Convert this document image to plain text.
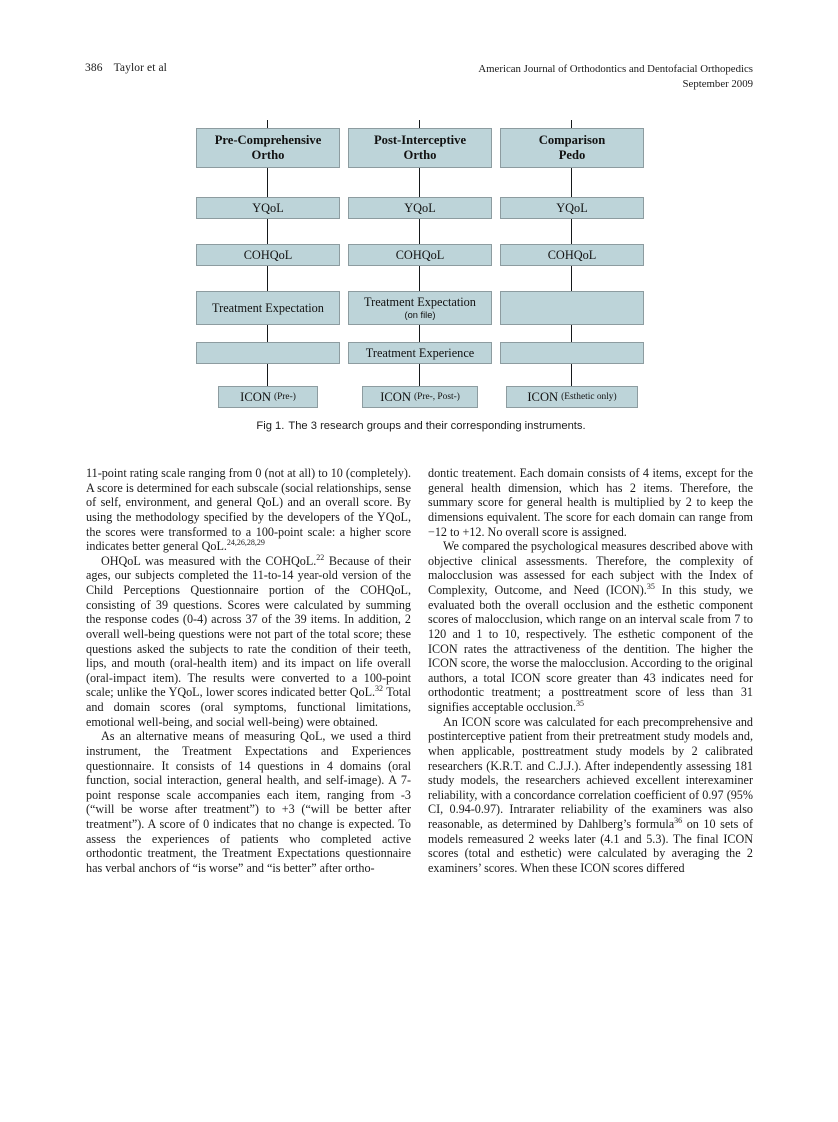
386 Taylor et al	American Journal of Orthodontics and Dentofacial Orthopedics
September 2009
Pre-Comprehensive
Ortho
YQoL
COHQoL
Treatment Expectation
ICON (Pre-)
Post-Interceptive
Ortho
YQoL
COHQoL
Treatment Expectation
(on file)
Treatment Experience
ICON (Pre-, Post-)
Comparison
Pedo
YQoL
COHQoL
ICON (Esthetic only)
Fig 1. The 3 research groups and their corresponding instruments.

11-point rating scale ranging from 0 (not at all) to 10 (completely). A score is determined for each subscale (social relationships, sense of self, environment, and general QoL) and an overall score. By using the methodology specified by the developers of the YQoL, the scores were transformed to a 100-point scale: a higher score indicates better general QoL.$^{24,26,28,29}$

OHQoL was measured with the COHQoL.$^{22}$ Because of their ages, our subjects completed the 11-to-14 year-old version of the Child Perceptions Questionnaire portion of the COHQoL, consisting of 39 questions. Scores were calculated by summing the response codes (0-4) across 37 of the 39 items. In addition, 2 overall well-being questions were not part of the total score; these questions asked the subjects to rate the condition of their teeth, lips, and mouth (oral-health item) and its impact on life overall (oral-impact item). The results were converted to a 100-point scale; unlike the YQoL, lower scores indicated better QoL.$^{32}$ Total and domain scores (oral symptoms, functional limitations, emotional well-being, and social well-being) were obtained.

As an alternative means of measuring QoL, we used a third instrument, the Treatment Expectations and Experiences questionnaire. It consists of 14 questions in 4 domains (oral function, social interaction, general health, and self-image). A 7-point response scale accompanies each item, ranging from -3 (“will be worse after treatment”) to +3 (“will be better after treatment”). A score of 0 indicates that no change is expected. To assess the experiences of patients who completed active orthodontic treatment, the Treatment Expectations questionnaire has verbal anchors of “is worse” and “is better” after ortho-

dontic treatement. Each domain consists of 4 items, except for the general health dimension, which has 2 items. Therefore, the summary score for general health is multiplied by 2 to keep the dimensions equivalent. The score for each domain can range from −12 to +12. No overall score is assigned.

We compared the psychological measures described above with objective clinical assessments. Therefore, the complexity of malocclusion was assessed for each subject with the Index of Complexity, Outcome, and Need (ICON).$^{35}$ In this study, we evaluated both the overall occlusion and the esthetic component scores of malocclusion, which range on an interval scale from 7 to 120 and 1 to 10, respectively. The esthetic component of the ICON rates the attractiveness of the dentition. The higher the ICON score, the worse the malocclusion. According to the original authors, a total ICON score greater than 43 indicates need for orthodontic treatment; a posttreatment score of less than 31 signifies acceptable occlusion.$^{35}$

An ICON score was calculated for each precomprehensive and postinterceptive patient from their pretreatment study models and, when applicable, posttreatment study models by 2 calibrated researchers (K.R.T. and C.J.J.). After independently assessing 181 study models, the researchers achieved excellent interexaminer reliability, with a concordance correlation coefficient of 0.97 (95% CI, 0.94-0.97). Intrarater reliability of the examiners was also reasonable, as determined by Dahlberg’s formula$^{36}$ on 10 sets of models remeasured 2 weeks later (4.1 and 5.3). The final ICON scores (total and esthetic) were calculated by averaging the 2 examiners’ scores. When these ICON scores differed
